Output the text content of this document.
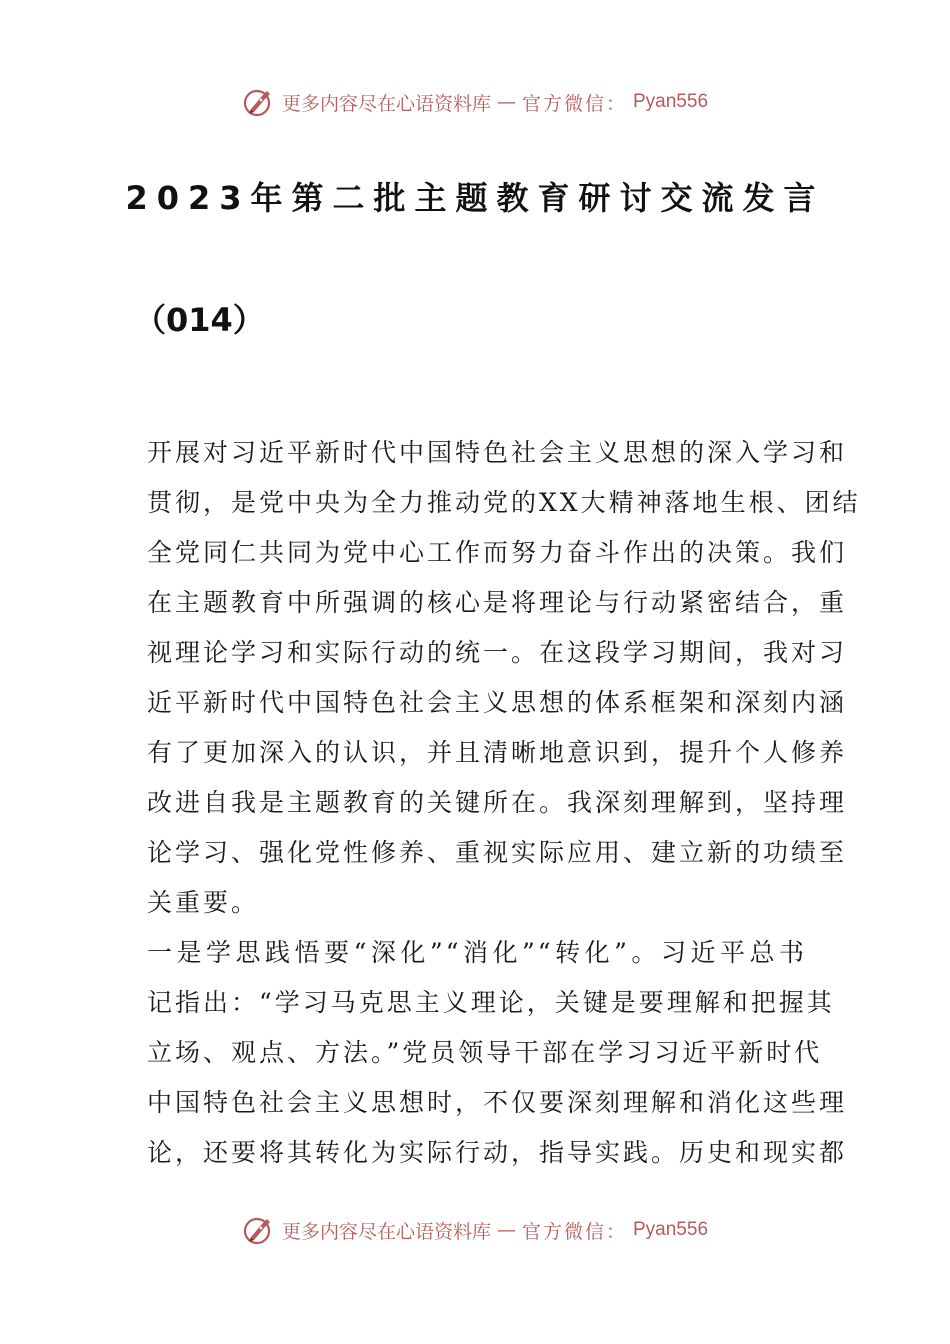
更多内容尽在心语资料库 — 官方微信： Pyan556
2023年第二批主题教育研讨交流发言
（014）
开展对习近平新时代中国特色社会主义思想的深入学习和
贯彻，是党中央为全力推动党的XX大精神落地生根、团结
全党同仁共同为党中心工作而努力奋斗作出的决策。我们
在主题教育中所强调的核心是将理论与行动紧密结合，重
视理论学习和实际行动的统一。在这段学习期间，我对习
近平新时代中国特色社会主义思想的体系框架和深刻内涵
有了更加深入的认识，并且清晰地意识到，提升个人修养
改进自我是主题教育的关键所在。我深刻理解到，坚持理
论学习、强化党性修养、重视实际应用、建立新的功绩至
关重要。
一是学思践悟要“深化”“消化”“转化”。习近平总书
记指出：“学习马克思主义理论，关键是要理解和把握其
立场、观点、方法。”党员领导干部在学习习近平新时代
中国特色社会主义思想时，不仅要深刻理解和消化这些理
论，还要将其转化为实际行动，指导实践。历史和现实都
更多内容尽在心语资料库 — 官方微信： Pyan556
